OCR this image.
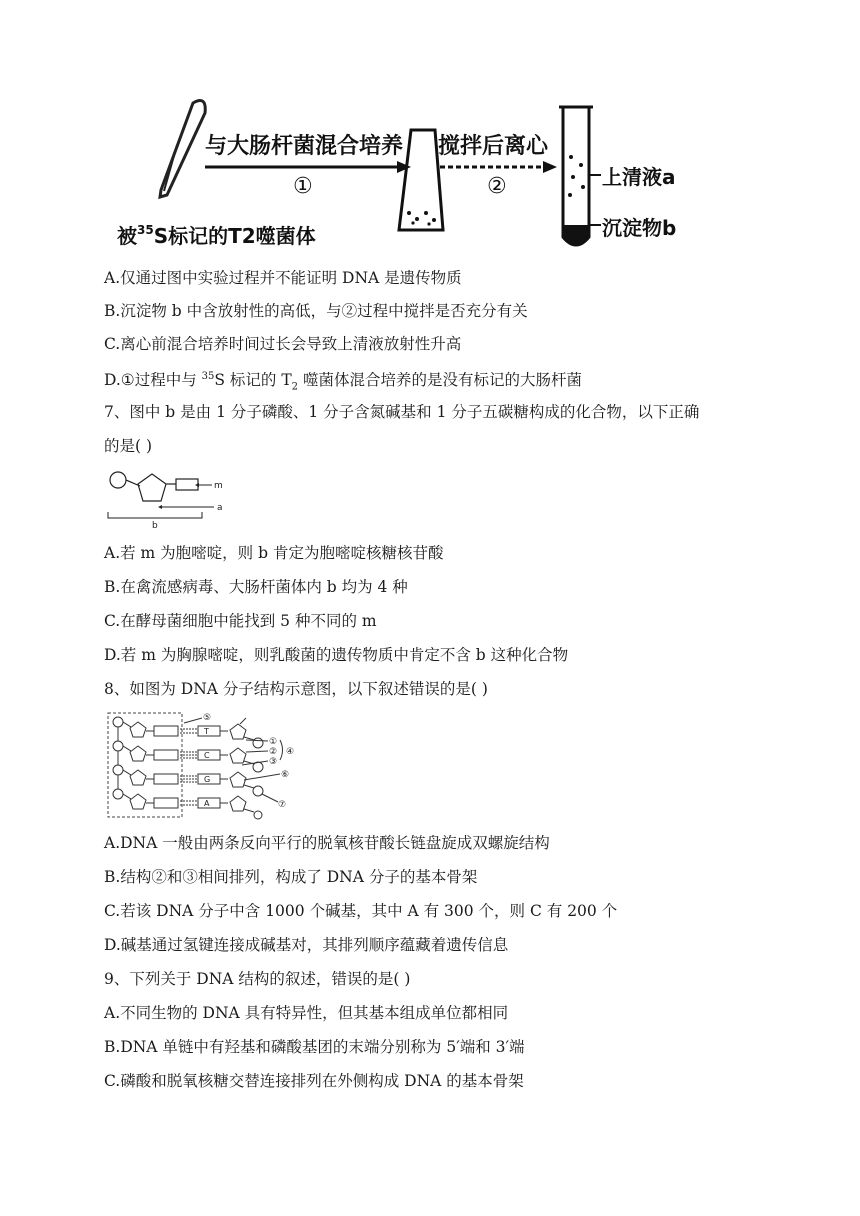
与大肠杆菌混合培养
①
搅拌后离心
②	上清液a
沉淀物b
被$^{35}$S标记的T2噬菌体
A.仅通过图中实验过程并不能证明 DNA 是遗传物质
B.沉淀物 b 中含放射性的高低，与②过程中搅拌是否充分有关
C.离心前混合培养时间过长会导致上清液放射性升高
D.①过程中与 $^{35}$S 标记的 $T_2$ 噬菌体混合培养的是没有标记的大肠杆菌
7、图中 b 是由 1 分子磷酸、1 分子含氮碱基和 1 分子五碳糖构成的化合物，以下正确
的是( )
m
a
b
A.若 m 为胞嘧啶，则 b 肯定为胞嘧啶核糖核苷酸
B.在禽流感病毒、大肠杆菌体内 b 均为 4 种
C.在酵母菌细胞中能找到 5 种不同的 m
D.若 m 为胸腺嘧啶，则乳酸菌的遗传物质中肯定不含 b 这种化合物
8、如图为 DNA 分子结构示意图，以下叙述错误的是( )
T
C
G
A
⑤
①
②
③
④
⑥
⑦
A.DNA 一般由两条反向平行的脱氧核苷酸长链盘旋成双螺旋结构
B.结构②和③相间排列，构成了 DNA 分子的基本骨架
C.若该 DNA 分子中含 1000 个碱基，其中 A 有 300 个，则 C 有 200 个
D.碱基通过氢键连接成碱基对，其排列顺序蕴藏着遗传信息
9、下列关于 DNA 结构的叙述，错误的是( )
A.不同生物的 DNA 具有特异性，但其基本组成单位都相同
B.DNA 单链中有羟基和磷酸基团的末端分别称为 5′端和 3′端
C.磷酸和脱氧核糖交替连接排列在外侧构成 DNA 的基本骨架
